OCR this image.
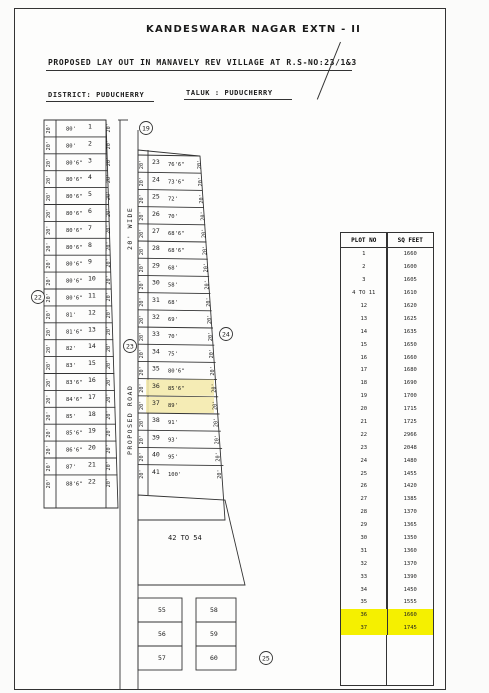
KANDESWARAR NAGAR EXTN - II
PROPOSED LAY OUT IN MANAVELY REV VILLAGE AT R.S-NO:23/1&3
DISTRICT: PUDUCHERRY	TALUK : PUDUCHERRY
20'	80' 1	20'
20'	80' 2	20'
20'	80'6" 3	20'
20'	80'6" 4	20'
20'	80'6" 5	20'
20'	80'6" 6	20'
20'	80'6" 7	20'
20'	80'6" 8	20'
20'	80'6" 9	20'
20'	80'6" 10 20'
20'	80'6" 11 20'
20'	81' 12 20'
20'	81'6" 13 20'
20'	82' 14 20'
20'	83' 15 20'
20'	83'6" 16 20'
20'	84'6" 17 20'
20'	85' 18 20'
20'	85'6" 19 20'
20'	86'6" 20 20'
20'	87' 21 20'
20'	88'6" 22 20'
PROPOSED ROAD
20' WIDE
20' 23 76'6" 20'
20' 24 73'6"	20'
20' 25 72'	20'
20' 26 70'	20'
20' 27 68'6"	20'
20' 28 68'6"	20'
20' 29 68'	20'
20' 30 58'	20'
20' 31 68'	20'
20' 32 69'	20'
20' 33 70'	20'
20' 34 75'	20'
20' 35 80'6"	20'
20' 36 85'6"	20'
20' 37 89'	20'
20' 38 91'	20'
20' 39 93'	20'
20' 40 95'	20'
20' 41 100'	20'
42 TO 54
55
56
57
58
59
60
19
22
23
24
25
PLOT NO	SQ FEET
1	1660
2	1600
3	1605
4 TO 11	1610
12	1620
13	1625
14	1635
15	1650
16	1660
17	1680
18	1690
19	1700
20	1715
21	1725
22	2966
23	2048
24	1480
25	1455
26	1420
27	1385
28	1370
29	1365
30	1350
31	1360
32	1370
33	1390
34	1450
35	1555
36	1660
37	1745
